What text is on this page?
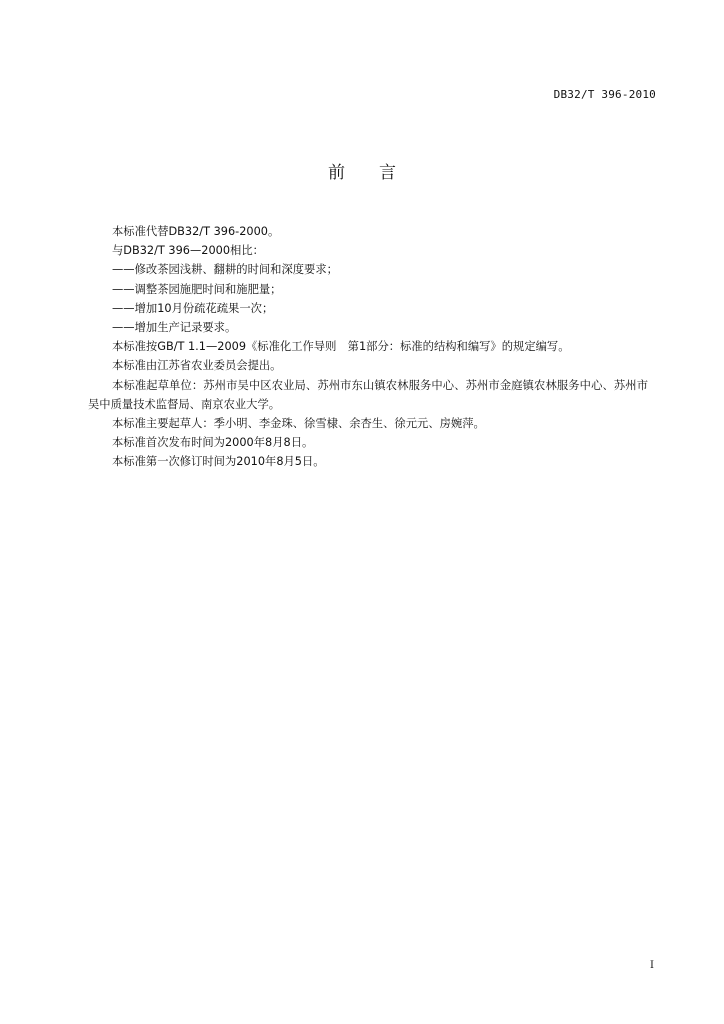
DB32/T 396-2010
前　　言

本标准代替DB32/T 396-2000。

与DB32/T 396—2000相比：

——修改茶园浅耕、翻耕的时间和深度要求；

——调整茶园施肥时间和施肥量；

——增加10月份疏花疏果一次；

——增加生产记录要求。

本标准按GB/T 1.1—2009《标准化工作导则　第1部分：标准的结构和编写》的规定编写。

本标准由江苏省农业委员会提出。

本标准起草单位：苏州市吴中区农业局、苏州市东山镇农林服务中心、苏州市金庭镇农林服务中心、苏州市吴中质量技术监督局、南京农业大学。

本标准主要起草人：季小明、李金珠、徐雪棣、余杏生、徐元元、房婉萍。

本标准首次发布时间为2000年8月8日。

本标准第一次修订时间为2010年8月5日。

I
